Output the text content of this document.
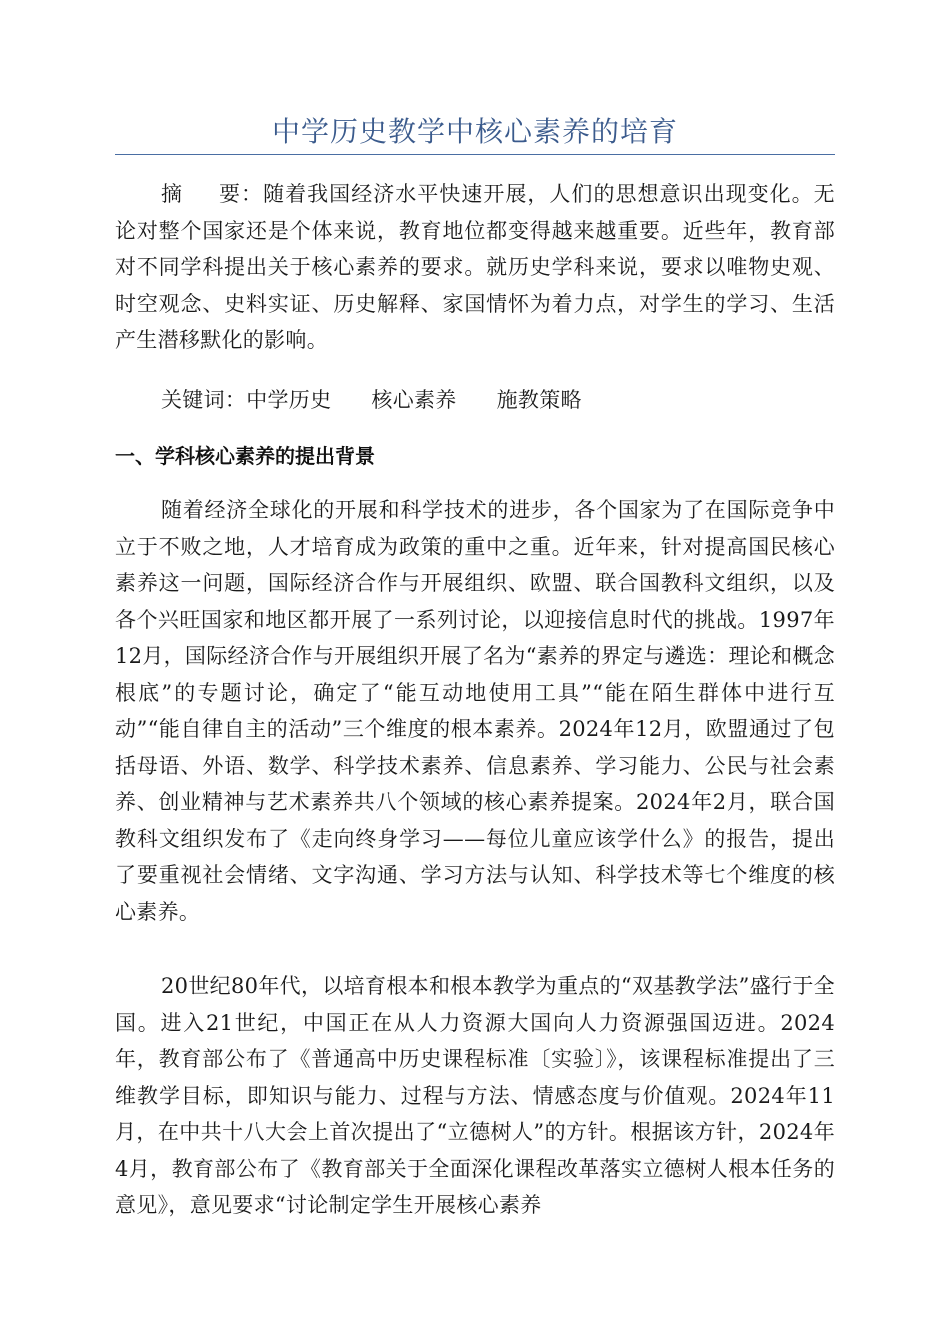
中学历史教学中核心素养的培育
摘 要：随着我国经济水平快速开展，人们的思想意识出现变化。无论对整个国家还是个体来说，教育地位都变得越来越重要。近些年，教育部对不同学科提出关于核心素养的要求。就历史学科来说，要求以唯物史观、时空观念、史料实证、历史解释、家国情怀为着力点，对学生的学习、生活产生潜移默化的影响。
关键词：中学历史 核心素养 施教策略
一、学科核心素养的提出背景
随着经济全球化的开展和科学技术的进步，各个国家为了在国际竞争中立于不败之地，人才培育成为政策的重中之重。近年来，针对提高国民核心素养这一问题，国际经济合作与开展组织、欧盟、联合国教科文组织，以及各个兴旺国家和地区都开展了一系列讨论，以迎接信息时代的挑战。1997年12月，国际经济合作与开展组织开展了名为“素养的界定与遴选：理论和概念根底”的专题讨论，确定了“能互动地使用工具”“能在陌生群体中进行互动”“能自律自主的活动”三个维度的根本素养。2024年12月，欧盟通过了包括母语、外语、数学、科学技术素养、信息素养、学习能力、公民与社会素养、创业精神与艺术素养共八个领域的核心素养提案。2024年2月，联合国教科文组织发布了《走向终身学习——每位儿童应该学什么》的报告，提出了要重视社会情绪、文字沟通、学习方法与认知、科学技术等七个维度的核心素养。
20世纪80年代，以培育根本和根本教学为重点的“双基教学法”盛行于全国。进入21世纪，中国正在从人力资源大国向人力资源强国迈进。2024年，教育部公布了《普通高中历史课程标准〔实验〕》，该课程标准提出了三维教学目标，即知识与能力、过程与方法、情感态度与价值观。2024年11月，在中共十八大会上首次提出了“立德树人”的方针。根据该方针，2024年4月，教育部公布了《教育部关于全面深化课程改革落实立德树人根本任务的意见》，意见要求“讨论制定学生开展核心素养
